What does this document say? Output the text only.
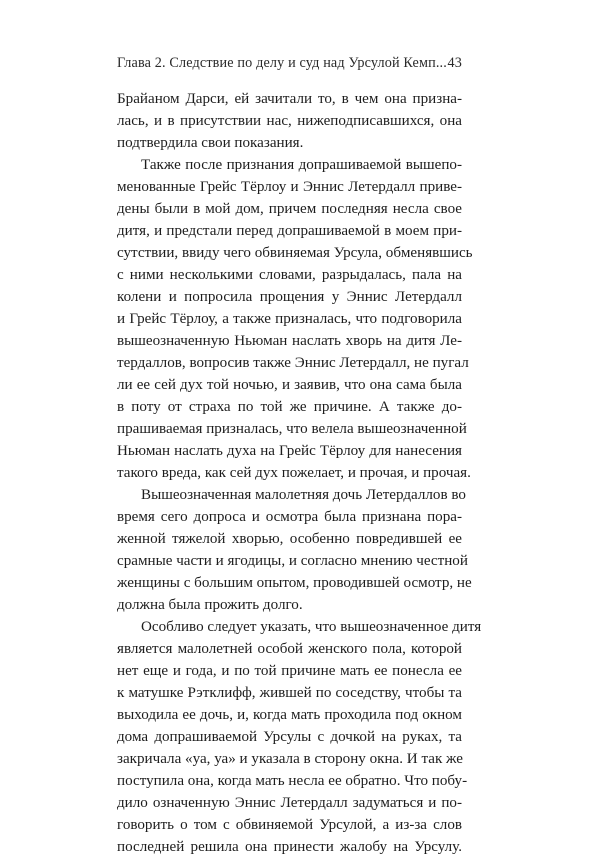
Глава 2. Следствие по делу и суд над Урсулой Кемп... 43

Брайаном Дарси, ей зачитали то, в чем она призна-
лась, и в присутствии нас, нижеподписавшихся, она
подтвердила свои показания.

Также после признания допрашиваемой вышепо-
менованные Грейс Тёрлоу и Эннис Летердалл приве-
дены были в мой дом, причем последняя несла свое
дитя, и предстали перед допрашиваемой в моем при-
сутствии, ввиду чего обвиняемая Урсула, обменявшись
с ними несколькими словами, разрыдалась, пала на
колени и попросила прощения у Эннис Летердалл
и Грейс Тёрлоу, а также призналась, что подговорила
вышеозначенную Ньюман наслать хворь на дитя Ле-
тердаллов, вопросив также Эннис Летердалл, не пугал
ли ее сей дух той ночью, и заявив, что она сама была
в поту от страха по той же причине. А также до-
прашиваемая призналась, что велела вышеозначенной
Ньюман наслать духа на Грейс Тёрлоу для нанесения
такого вреда, как сей дух пожелает, и прочая, и прочая.

Вышеозначенная малолетняя дочь Летердаллов во
время сего допроса и осмотра была признана пора-
женной тяжелой хворью, особенно повредившей ее
срамные части и ягодицы, и согласно мнению честной
женщины с большим опытом, проводившей осмотр, не
должна была прожить долго.

Особливо следует указать, что вышеозначенное дитя
является малолетней особой женского пола, которой
нет еще и года, и по той причине мать ее понесла ее
к матушке Рэтклифф, жившей по соседству, чтобы та
выходила ее дочь, и, когда мать проходила под окном
дома допрашиваемой Урсулы с дочкой на руках, та
закричала «уа, уа» и указала в сторону окна. И так же
поступила она, когда мать несла ее обратно. Что побу-
дило означенную Эннис Летердалл задуматься и по-
говорить о том с обвиняемой Урсулой, а из-за слов
последней решила она принести жалобу на Урсулу.
